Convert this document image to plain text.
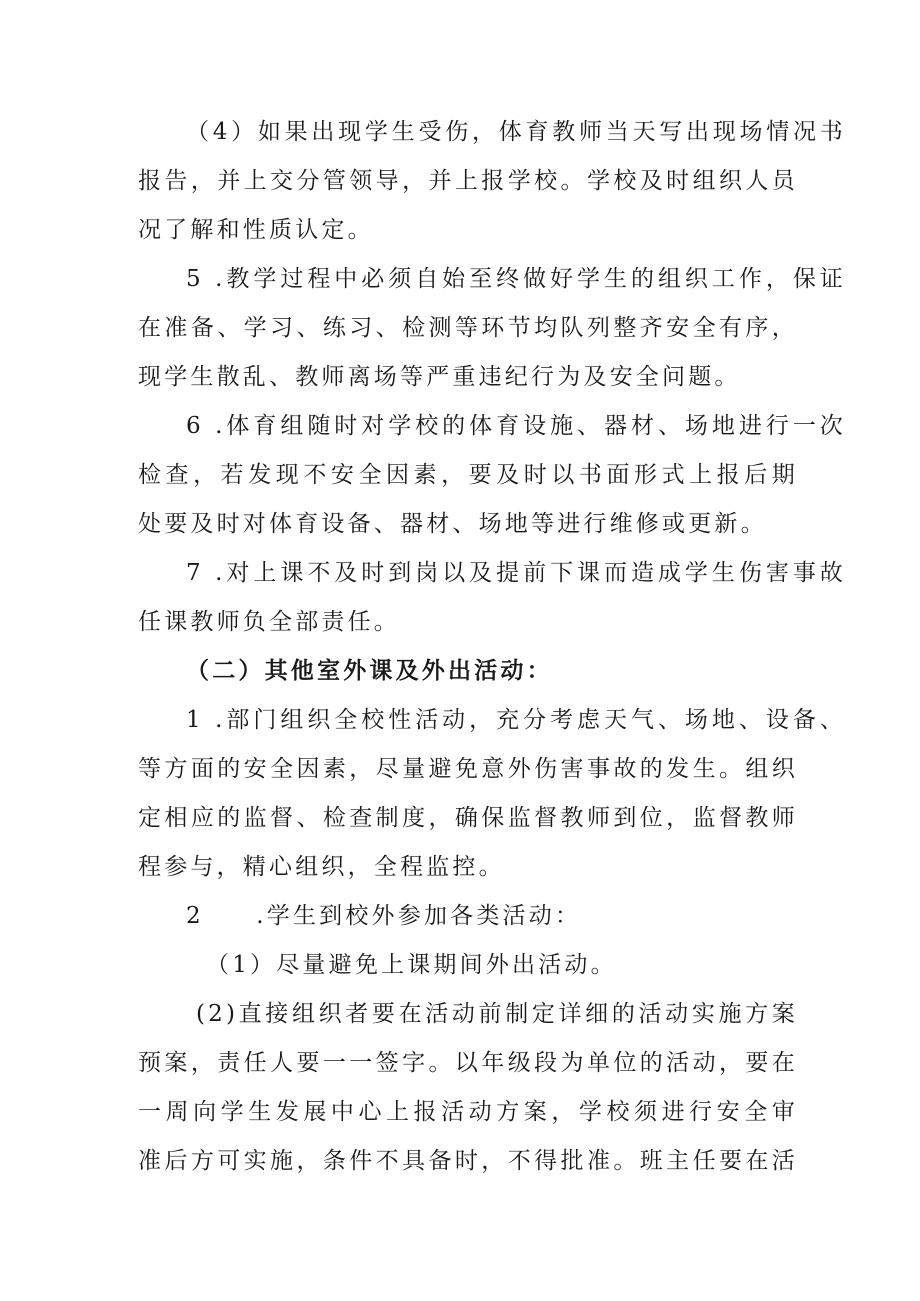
（4）如果出现学生受伤，体育教师当天写出现场情况书
报告，并上交分管领导，并上报学校。学校及时组织人员
况了解和性质认定。
5 .教学过程中必须自始至终做好学生的组织工作，保证
在准备、学习、练习、检测等环节均队列整齐安全有序，
现学生散乱、教师离场等严重违纪行为及安全问题。
6 .体育组随时对学校的体育设施、器材、场地进行一次
检查，若发现不安全因素，要及时以书面形式上报后期
处要及时对体育设备、器材、场地等进行维修或更新。
7 .对上课不及时到岗以及提前下课而造成学生伤害事故
任课教师负全部责任。
（二）其他室外课及外出活动：
1 .部门组织全校性活动，充分考虑天气、场地、设备、
等方面的安全因素，尽量避免意外伤害事故的发生。组织
定相应的监督、检查制度，确保监督教师到位，监督教师
程参与，精心组织，全程监控。
2　　.学生到校外参加各类活动：
（1）尽量避免上课期间外出活动。
(2)直接组织者要在活动前制定详细的活动实施方案
预案，责任人要一一签字。以年级段为单位的活动，要在
一周向学生发展中心上报活动方案，学校须进行安全审
准后方可实施，条件不具备时，不得批准。班主任要在活
